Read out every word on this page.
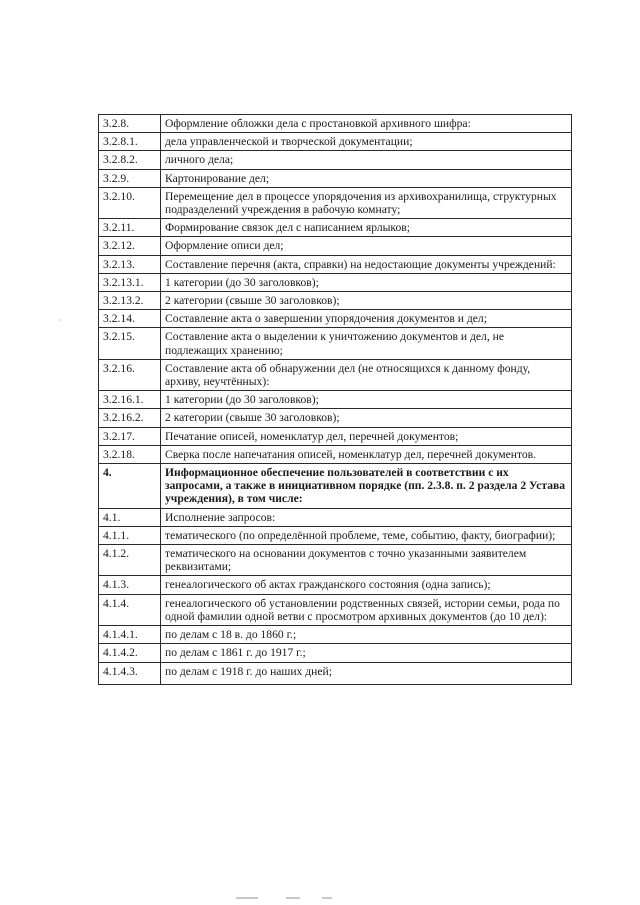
3.2.8.	Оформление обложки дела с простановкой архивного шифра:
3.2.8.1.	дела управленческой и творческой документации;
3.2.8.2.	личного дела;
3.2.9.	Картонирование дел;
3.2.10.	Перемещение дел в процессе упорядочения из архивохранилища, структурных подразделений учреждения в рабочую комнату;
3.2.11.	Формирование связок дел с написанием ярлыков;
3.2.12.	Оформление описи дел;
3.2.13.	Составление перечня (акта, справки) на недостающие документы учреждений:
3.2.13.1.	1 категории (до 30 заголовков);
3.2.13.2.	2 категории (свыше 30 заголовков);
3.2.14.	Составление акта о завершении упорядочения документов и дел;
3.2.15.	Составление акта о выделении к уничтожению документов и дел, не подлежащих хранению;
3.2.16.	Составление акта об обнаружении дел (не относящихся к данному фонду, архиву, неучтённых):
3.2.16.1.	1 категории (до 30 заголовков);
3.2.16.2.	2 категории (свыше 30 заголовков);
3.2.17.	Печатание описей, номенклатур дел, перечней документов;
3.2.18.	Сверка после напечатания описей, номенклатур дел, перечней документов.
4.	Информационное обеспечение пользователей в соответствии с их запросами, а также в инициативном порядке (пп. 2.3.8. п. 2 раздела 2 Устава учреждения), в том числе:
4.1.	Исполнение запросов:
4.1.1.	тематического (по определённой проблеме, теме, событию, факту, биографии);
4.1.2.	тематического на основании документов с точно указанными заявителем реквизитами;
4.1.3.	генеалогического об актах гражданского состояния (одна запись);
4.1.4.	генеалогического об установлении родственных связей, истории семьи, рода по одной фамилии одной ветви с просмотром архивных документов (до 10 дел):
4.1.4.1.	по делам с 18 в. до 1860 г.;
4.1.4.2.	по делам с 1861 г. до 1917 г.;
4.1.4.3.	по делам с 1918 г. до наших дней;
·
